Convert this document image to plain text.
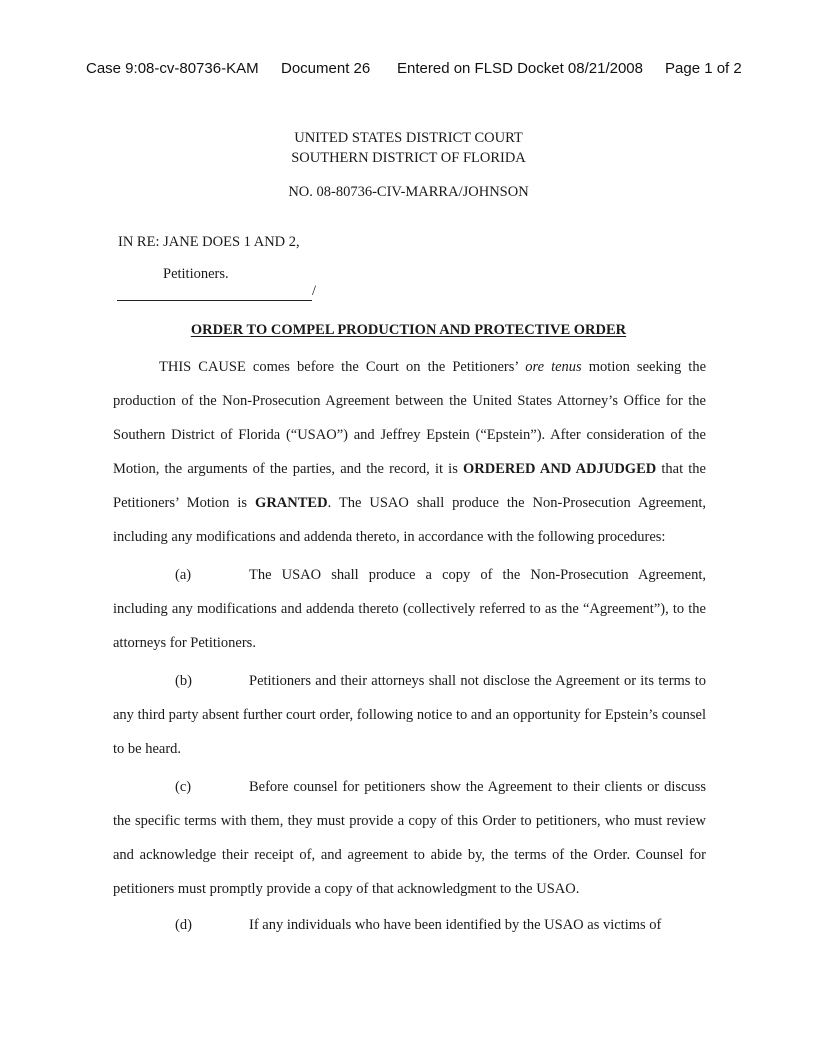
Case 9:08-cv-80736-KAM Document 26 Entered on FLSD Docket 08/21/2008 Page 1 of 2
UNITED STATES DISTRICT COURT
SOUTHERN DISTRICT OF FLORIDA
NO. 08-80736-CIV-MARRA/JOHNSON
IN RE: JANE DOES 1 AND 2,
Petitioners.
/
ORDER TO COMPEL PRODUCTION AND PROTECTIVE ORDER

THIS CAUSE comes before the Court on the Petitioners’ ore tenus motion seeking the production of the Non-Prosecution Agreement between the United States Attorney’s Office for the Southern District of Florida (“USAO”) and Jeffrey Epstein (“Epstein”). After consideration of the Motion, the arguments of the parties, and the record, it is ORDERED AND ADJUDGED that the Petitioners’ Motion is GRANTED. The USAO shall produce the Non-Prosecution Agreement, including any modifications and addenda thereto, in accordance with the following procedures:

(a)	The USAO shall produce a copy of the Non-Prosecution Agreement, including any modifications and addenda thereto (collectively referred to as the “Agreement”), to the attorneys for Petitioners.

(b)	Petitioners and their attorneys shall not disclose the Agreement or its terms to any third party absent further court order, following notice to and an opportunity for Epstein’s counsel to be heard.

(c)	Before counsel for petitioners show the Agreement to their clients or discuss the specific terms with them, they must provide a copy of this Order to petitioners, who must review and acknowledge their receipt of, and agreement to abide by, the terms of the Order. Counsel for petitioners must promptly provide a copy of that acknowledgment to the USAO.

(d)	If any individuals who have been identified by the USAO as victims of
